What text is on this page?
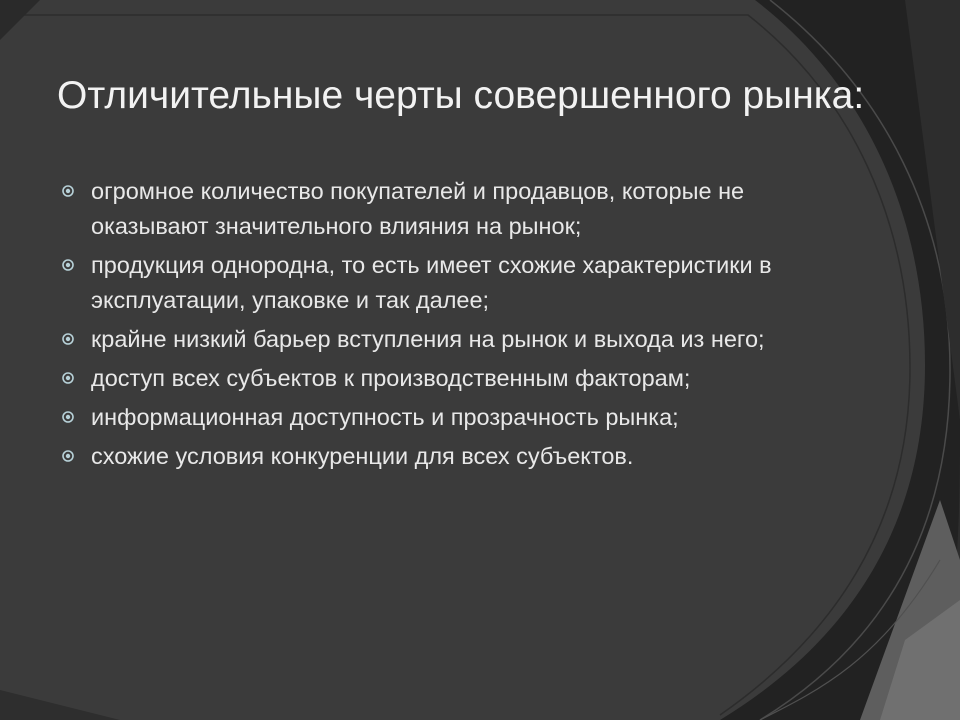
Отличительные черты совершенного рынка:
огромное количество покупателей и продавцов, которые не оказывают значительного влияния на рынок;
продукция однородна, то есть имеет схожие характеристики в эксплуатации, упаковке и так далее;
крайне низкий барьер вступления на рынок и выхода из него;
доступ всех субъектов к производственным факторам;
информационная доступность и прозрачность рынка;
схожие условия конкуренции для всех субъектов.
